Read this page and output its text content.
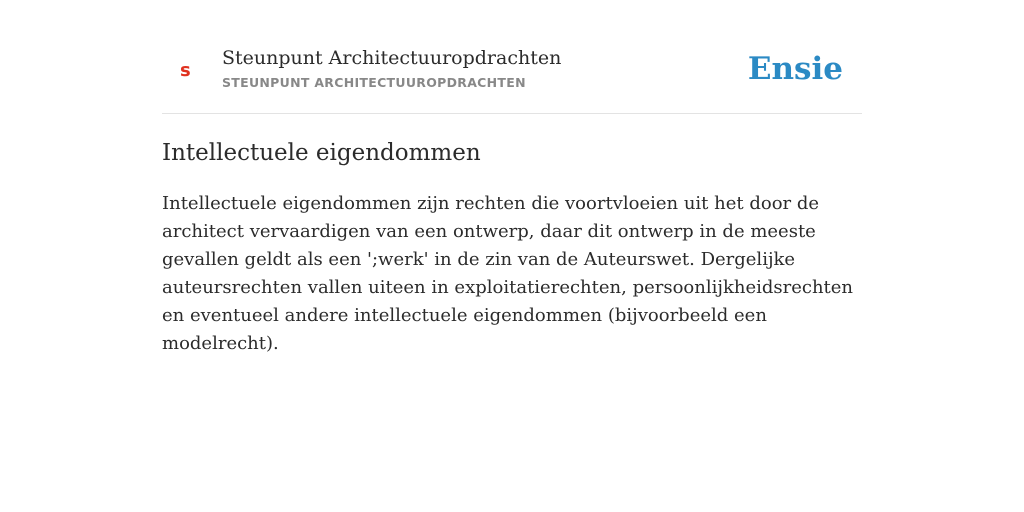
s
Steunpunt Architectuuropdrachten
STEUNPUNT ARCHITECTUUROPDRACHTEN	Ensie
Intellectuele eigendommen

Intellectuele eigendommen zijn rechten die voortvloeien uit het door de architect vervaardigen van een ontwerp, daar dit ontwerp in de meeste gevallen geldt als een ';werk' in de zin van de Auteurswet. Dergelijke auteursrechten vallen uiteen in exploitatierechten, persoonlijkheidsrechten en eventueel andere intellectuele eigendommen (bijvoorbeeld een modelrecht).
